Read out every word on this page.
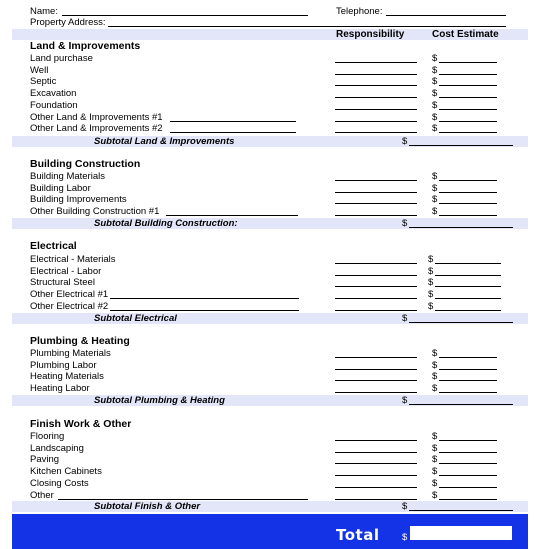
Name:	Telephone:
Property Address:
Responsibility	Cost Estimate
Land & Improvements
Land purchase	$
Well	$
Septic	$
Excavation	$
Foundation	$
Other Land & Improvements #1	$
Other Land & Improvements #2	$
Subtotal Land & Improvements	$
Building Construction
Building Materials	$
Building Labor	$
Building Improvements	$
Other Building Construction #1	$
Subtotal Building Construction:	$
Electrical
Electrical - Materials	$
Electrical - Labor	$
Structural Steel	$
Other Electrical #1	$
Other Electrical #2	$
Subtotal Electrical	$
Plumbing & Heating
Plumbing Materials	$
Plumbing Labor	$
Heating Materials	$
Heating Labor	$
Subtotal Plumbing & Heating	$
Finish Work & Other
Flooring	$
Landscaping	$
Paving	$
Kitchen Cabinets	$
Closing Costs	$
Other	$
Subtotal Finish & Other	$
Total $
